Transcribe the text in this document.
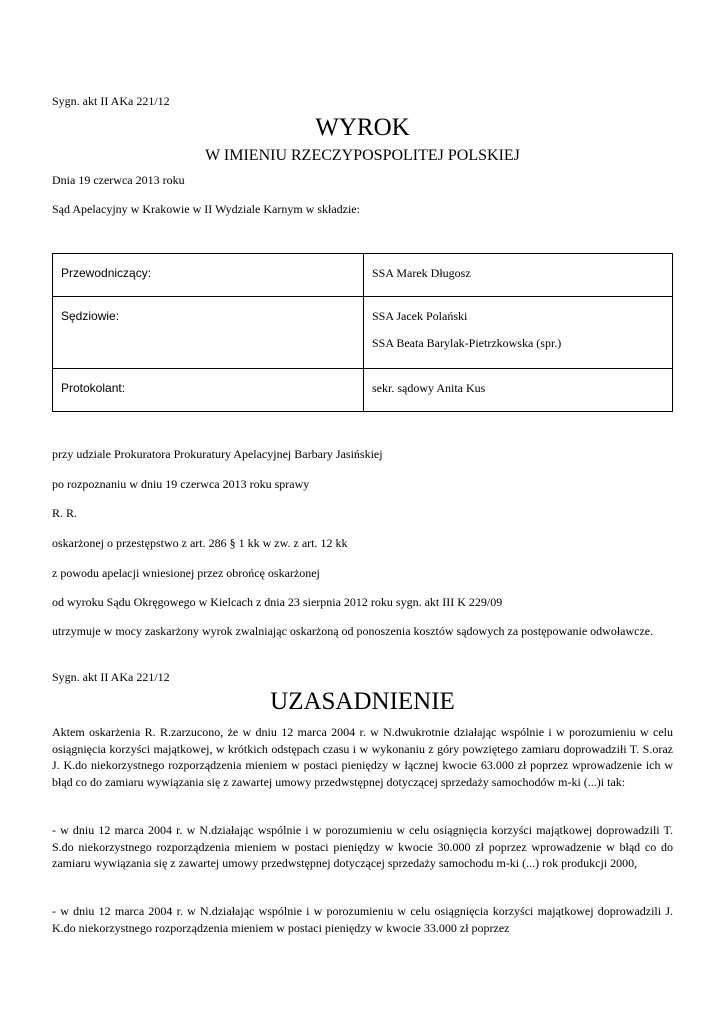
Sygn. akt II AKa 221/12
WYROK
W IMIENIU RZECZYPOSPOLITEJ POLSKIEJ
Dnia 19 czerwca 2013 roku
Sąd Apelacyjny w Krakowie w II Wydziale Karnym w składzie:
Przewodniczący:	SSA Marek Długosz

Sędziowie:	SSA Jacek Polański
SSA Beata Barylak-Pietrzkowska (spr.)

Protokolant:	sekr. sądowy Anita Kus
przy udziale Prokuratora Prokuratury Apelacyjnej Barbary Jasińskiej
po rozpoznaniu w dniu 19 czerwca 2013 roku sprawy
R. R.
oskarżonej o przestępstwo z art. 286 § 1 kk w zw. z art. 12 kk
z powodu apelacji wniesionej przez obrońcę oskarżonej
od wyroku Sądu Okręgowego w Kielcach z dnia 23 sierpnia 2012 roku sygn. akt III K 229/09
utrzymuje w mocy zaskarżony wyrok zwalniając oskarżoną od ponoszenia kosztów sądowych za postępowanie odwoławcze.
Sygn. akt II AKa 221/12
UZASADNIENIE
Aktem oskarżenia R. R.zarzucono, że w dniu 12 marca 2004 r. w N.dwukrotnie działając wspólnie i w porozumieniu w celu osiągnięcia korzyści majątkowej, w krótkich odstępach czasu i w wykonaniu z góry powziętego zamiaru doprowadziłi T. S.oraz J. K.do niekorzystnego rozporządzenia mieniem w postaci pieniędzy w łącznej kwocie 63.000 zł poprzez wprowadzenie ich w błąd co do zamiaru wywiązania się z zawartej umowy przedwstępnej dotyczącej sprzedaży samochodów m-ki (...)i tak:
- w dniu 12 marca 2004 r. w N.działając wspólnie i w porozumieniu w celu osiągnięcia korzyści majątkowej doprowadzili T. S.do niekorzystnego rozporządzenia mieniem w postaci pieniędzy w kwocie 30.000 zł poprzez wprowadzenie w błąd co do zamiaru wywiązania się z zawartej umowy przedwstępnej dotyczącej sprzedaży samochodu m-ki (...) rok produkcji 2000,
- w dniu 12 marca 2004 r. w N.działając wspólnie i w porozumieniu w celu osiągnięcia korzyści majątkowej doprowadzili J. K.do niekorzystnego rozporządzenia mieniem w postaci pieniędzy w kwocie 33.000 zł poprzez
